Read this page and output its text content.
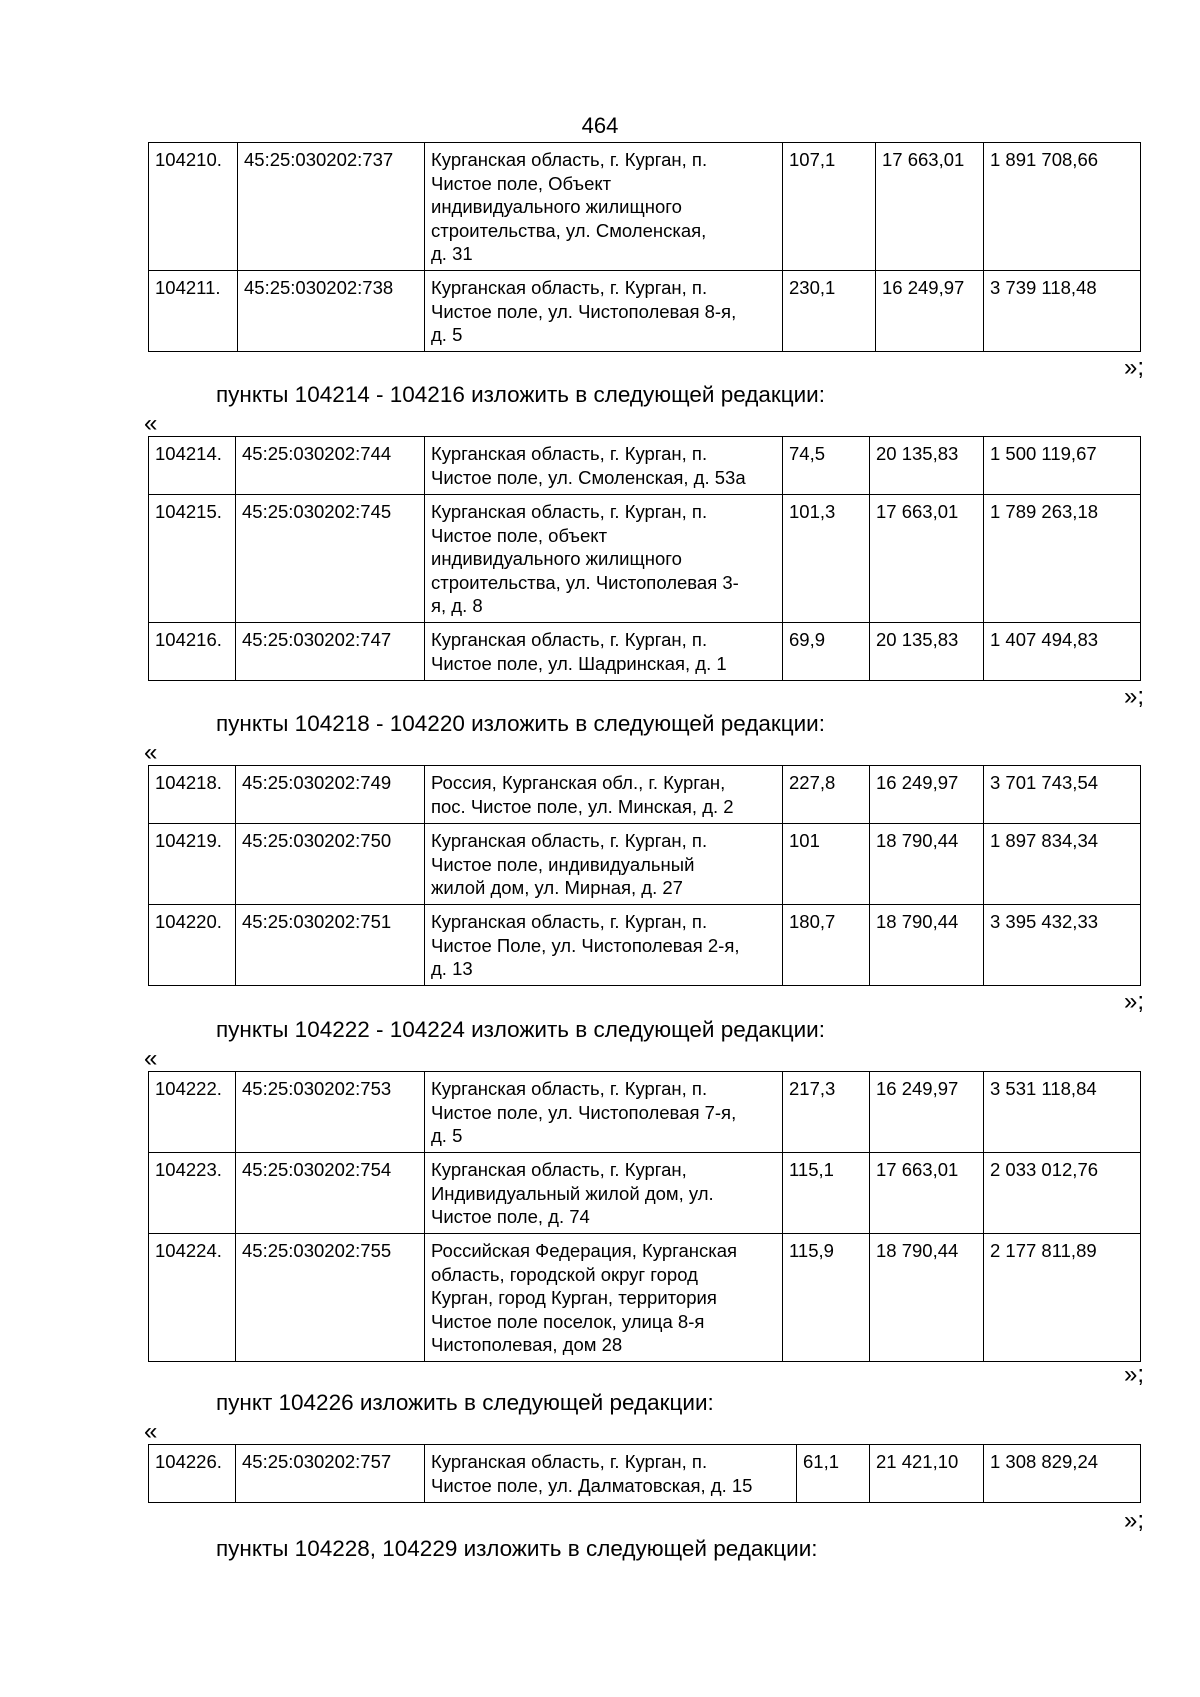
464
104210.	45:25:030202:737	Курганская область, г. Курган, п.
Чистое поле, Объект
индивидуального жилищного
строительства, ул. Смоленская,
д. 31	107,1	17 663,01	1 891 708,66
104211.	45:25:030202:738	Курганская область, г. Курган, п.
Чистое поле, ул. Чистополевая 8-я,
д. 5	230,1	16 249,97	3 739 118,48
»;
пункты 104214 - 104216 изложить в следующей редакции:
«
104214.	45:25:030202:744	Курганская область, г. Курган, п.
Чистое поле, ул. Смоленская, д. 53а	74,5	20 135,83	1 500 119,67
104215.	45:25:030202:745	Курганская область, г. Курган, п.
Чистое поле, объект
индивидуального жилищного
строительства, ул. Чистополевая 3-
я, д. 8	101,3	17 663,01	1 789 263,18
104216.	45:25:030202:747	Курганская область, г. Курган, п.
Чистое поле, ул. Шадринская, д. 1	69,9	20 135,83	1 407 494,83
»;
пункты 104218 - 104220 изложить в следующей редакции:
«
104218.	45:25:030202:749	Россия, Курганская обл., г. Курган,
пос. Чистое поле, ул. Минская, д. 2	227,8	16 249,97	3 701 743,54
104219.	45:25:030202:750	Курганская область, г. Курган, п.
Чистое поле, индивидуальный
жилой дом, ул. Мирная, д. 27	101	18 790,44	1 897 834,34
104220.	45:25:030202:751	Курганская область, г. Курган, п.
Чистое Поле, ул. Чистополевая 2-я,
д. 13	180,7	18 790,44	3 395 432,33
»;
пункты 104222 - 104224 изложить в следующей редакции:
«
104222.	45:25:030202:753	Курганская область, г. Курган, п.
Чистое поле, ул. Чистополевая 7-я,
д. 5	217,3	16 249,97	3 531 118,84
104223.	45:25:030202:754	Курганская область, г. Курган,
Индивидуальный жилой дом, ул.
Чистое поле, д. 74	115,1	17 663,01	2 033 012,76
104224.	45:25:030202:755	Российская Федерация, Курганская
область, городской округ город
Курган, город Курган, территория
Чистое поле поселок, улица 8-я
Чистополевая, дом 28	115,9	18 790,44	2 177 811,89
»;
пункт 104226 изложить в следующей редакции:
«
104226.	45:25:030202:757	Курганская область, г. Курган, п.
Чистое поле, ул. Далматовская, д. 15	61,1	21 421,10	1 308 829,24
»;
пункты 104228, 104229 изложить в следующей редакции:
